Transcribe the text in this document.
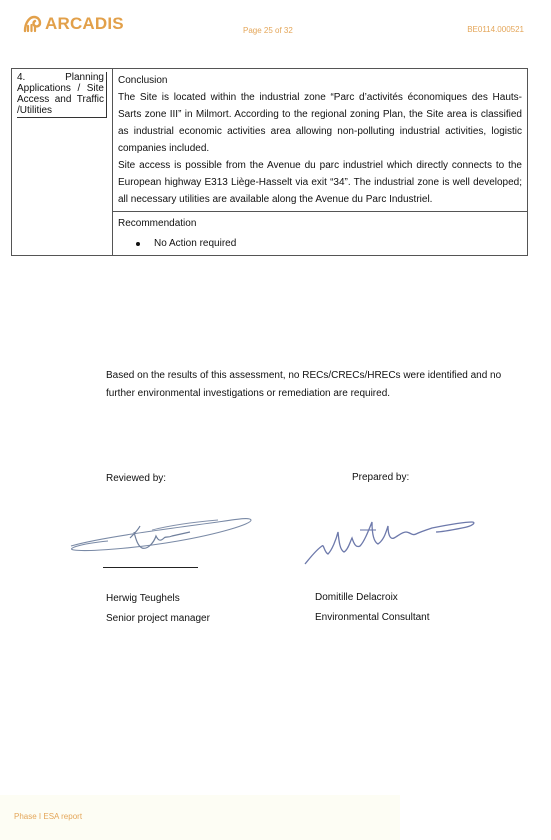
ARCADIS	Page 25 of 32	BE0114.000521
4. Planning Applications / Site Access and Traffic /Utilities

Conclusion

The Site is located within the industrial zone “Parc d’activités économiques des Hauts-Sarts zone III” in Milmort. According to the regional zoning Plan, the Site area is classified as industrial economic activities area allowing non-polluting industrial activities, logistic companies included.

Site access is possible from the Avenue du parc industriel which directly connects to the European highway E313 Liège-Hasselt via exit “34”. The industrial zone is well developed; all necessary utilities are available along the Avenue du Parc Industriel.

Recommendation
No Action required
Based on the results of this assessment, no RECs/CRECs/HRECs were identified and no further environmental investigations or remediation are required.
Reviewed by:	Prepared by:
Herwig Teughels
Senior project manager
Domitille Delacroix
Environmental Consultant
Phase I ESA report
